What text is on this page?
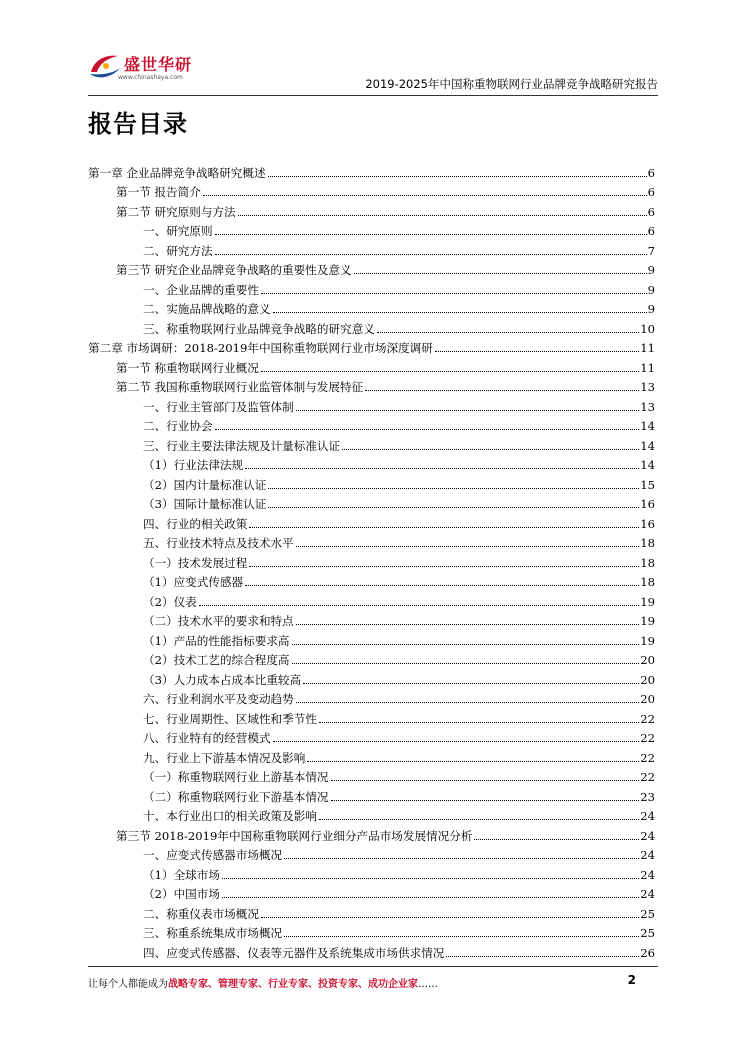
盛世华研
www.chinashaya.com	2019-2025年中国称重物联网行业品牌竞争战略研究报告
报告目录
第一章 企业品牌竞争战略研究概述	6
第一节 报告简介	6
第二节 研究原则与方法	6
一、研究原则	6
二、研究方法	7
第三节 研究企业品牌竞争战略的重要性及意义	9
一、企业品牌的重要性	9
二、实施品牌战略的意义	9
三、称重物联网行业品牌竞争战略的研究意义	10
第二章 市场调研：2018-2019年中国称重物联网行业市场深度调研	11
第一节 称重物联网行业概况	11
第二节 我国称重物联网行业监管体制与发展特征	13
一、行业主管部门及监管体制	13
二、行业协会	14
三、行业主要法律法规及计量标准认证	14
（1）行业法律法规	14
（2）国内计量标准认证	15
（3）国际计量标准认证	16
四、行业的相关政策	16
五、行业技术特点及技术水平	18
（一）技术发展过程	18
（1）应变式传感器	18
（2）仪表	19
（二）技术水平的要求和特点	19
（1）产品的性能指标要求高	19
（2）技术工艺的综合程度高	20
（3）人力成本占成本比重较高	20
六、行业利润水平及变动趋势	20
七、行业周期性、区域性和季节性	22
八、行业特有的经营模式	22
九、行业上下游基本情况及影响	22
（一）称重物联网行业上游基本情况	22
（二）称重物联网行业下游基本情况	23
十、本行业出口的相关政策及影响	24
第三节 2018-2019年中国称重物联网行业细分产品市场发展情况分析	24
一、应变式传感器市场概况	24
（1）全球市场	24
（2）中国市场	24
二、称重仪表市场概况	25
三、称重系统集成市场概况	25
四、应变式传感器、仪表等元器件及系统集成市场供求情况	26
让每个人都能成为战略专家、管理专家、行业专家、投资专家、成功企业家……	2
